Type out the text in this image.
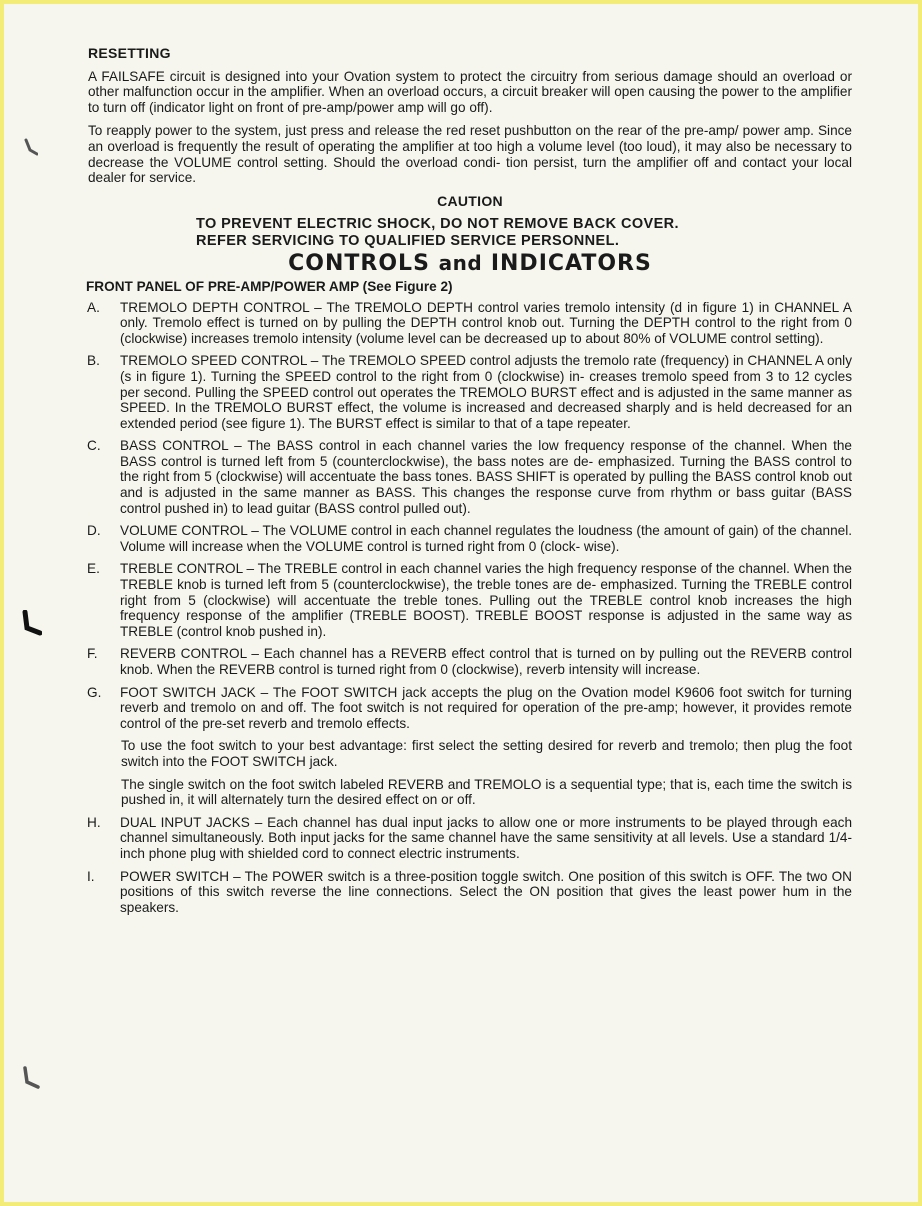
RESETTING

A FAILSAFE circuit is designed into your Ovation system to protect the circuitry from serious damage should an overload or other malfunction occur in the amplifier. When an overload occurs, a circuit breaker will open causing the power to the amplifier to turn off (indicator light on front of pre-amp/power amp will go off).

To reapply power to the system, just press and release the red reset pushbutton on the rear of the pre-amp/ power amp. Since an overload is frequently the result of operating the amplifier at too high a volume level (too loud), it may also be necessary to decrease the VOLUME control setting. Should the overload condi- tion persist, turn the amplifier off and contact your local dealer for service.

CAUTION
TO PREVENT ELECTRIC SHOCK, DO NOT REMOVE BACK COVER.
REFER SERVICING TO QUALIFIED SERVICE PERSONNEL.
CONTROLS and INDICATORS
FRONT PANEL OF PRE-AMP/POWER AMP (See Figure 2)
A.	TREMOLO DEPTH CONTROL – The TREMOLO DEPTH control varies tremolo intensity (d in figure 1) in CHANNEL A only. Tremolo effect is turned on by pulling the DEPTH control knob out. Turning the DEPTH control to the right from 0 (clockwise) increases tremolo intensity (volume level can be decreased up to about 80% of VOLUME control setting).
B.	TREMOLO SPEED CONTROL – The TREMOLO SPEED control adjusts the tremolo rate (frequency) in CHANNEL A only (s in figure 1). Turning the SPEED control to the right from 0 (clockwise) in- creases tremolo speed from 3 to 12 cycles per second. Pulling the SPEED control out operates the TREMOLO BURST effect and is adjusted in the same manner as SPEED. In the TREMOLO BURST effect, the volume is increased and decreased sharply and is held decreased for an extended period (see figure 1). The BURST effect is similar to that of a tape repeater.
C.	BASS CONTROL – The BASS control in each channel varies the low frequency response of the channel. When the BASS control is turned left from 5 (counterclockwise), the bass notes are de- emphasized. Turning the BASS control to the right from 5 (clockwise) will accentuate the bass tones. BASS SHIFT is operated by pulling the BASS control knob out and is adjusted in the same manner as BASS. This changes the response curve from rhythm or bass guitar (BASS control pushed in) to lead guitar (BASS control pulled out).
D.	VOLUME CONTROL – The VOLUME control in each channel regulates the loudness (the amount of gain) of the channel. Volume will increase when the VOLUME control is turned right from 0 (clock- wise).
E.	TREBLE CONTROL – The TREBLE control in each channel varies the high frequency response of the channel. When the TREBLE knob is turned left from 5 (counterclockwise), the treble tones are de- emphasized. Turning the TREBLE control right from 5 (clockwise) will accentuate the treble tones. Pulling out the TREBLE control knob increases the high frequency response of the amplifier (TREBLE BOOST). TREBLE BOOST response is adjusted in the same way as TREBLE (control knob pushed in).
F.	REVERB CONTROL – Each channel has a REVERB effect control that is turned on by pulling out the REVERB control knob. When the REVERB control is turned right from 0 (clockwise), reverb intensity will increase.
G.	FOOT SWITCH JACK – The FOOT SWITCH jack accepts the plug on the Ovation model K9606 foot switch for turning reverb and tremolo on and off. The foot switch is not required for operation of the pre-amp; however, it provides remote control of the pre-set reverb and tremolo effects.

To use the foot switch to your best advantage: first select the setting desired for reverb and tremolo; then plug the foot switch into the FOOT SWITCH jack.

The single switch on the foot switch labeled REVERB and TREMOLO is a sequential type; that is, each time the switch is pushed in, it will alternately turn the desired effect on or off.

H.	DUAL INPUT JACKS – Each channel has dual input jacks to allow one or more instruments to be played through each channel simultaneously. Both input jacks for the same channel have the same sensitivity at all levels. Use a standard 1/4-inch phone plug with shielded cord to connect electric instruments.
I.	POWER SWITCH – The POWER switch is a three-position toggle switch. One position of this switch is OFF. The two ON positions of this switch reverse the line connections. Select the ON position that gives the least power hum in the speakers.
